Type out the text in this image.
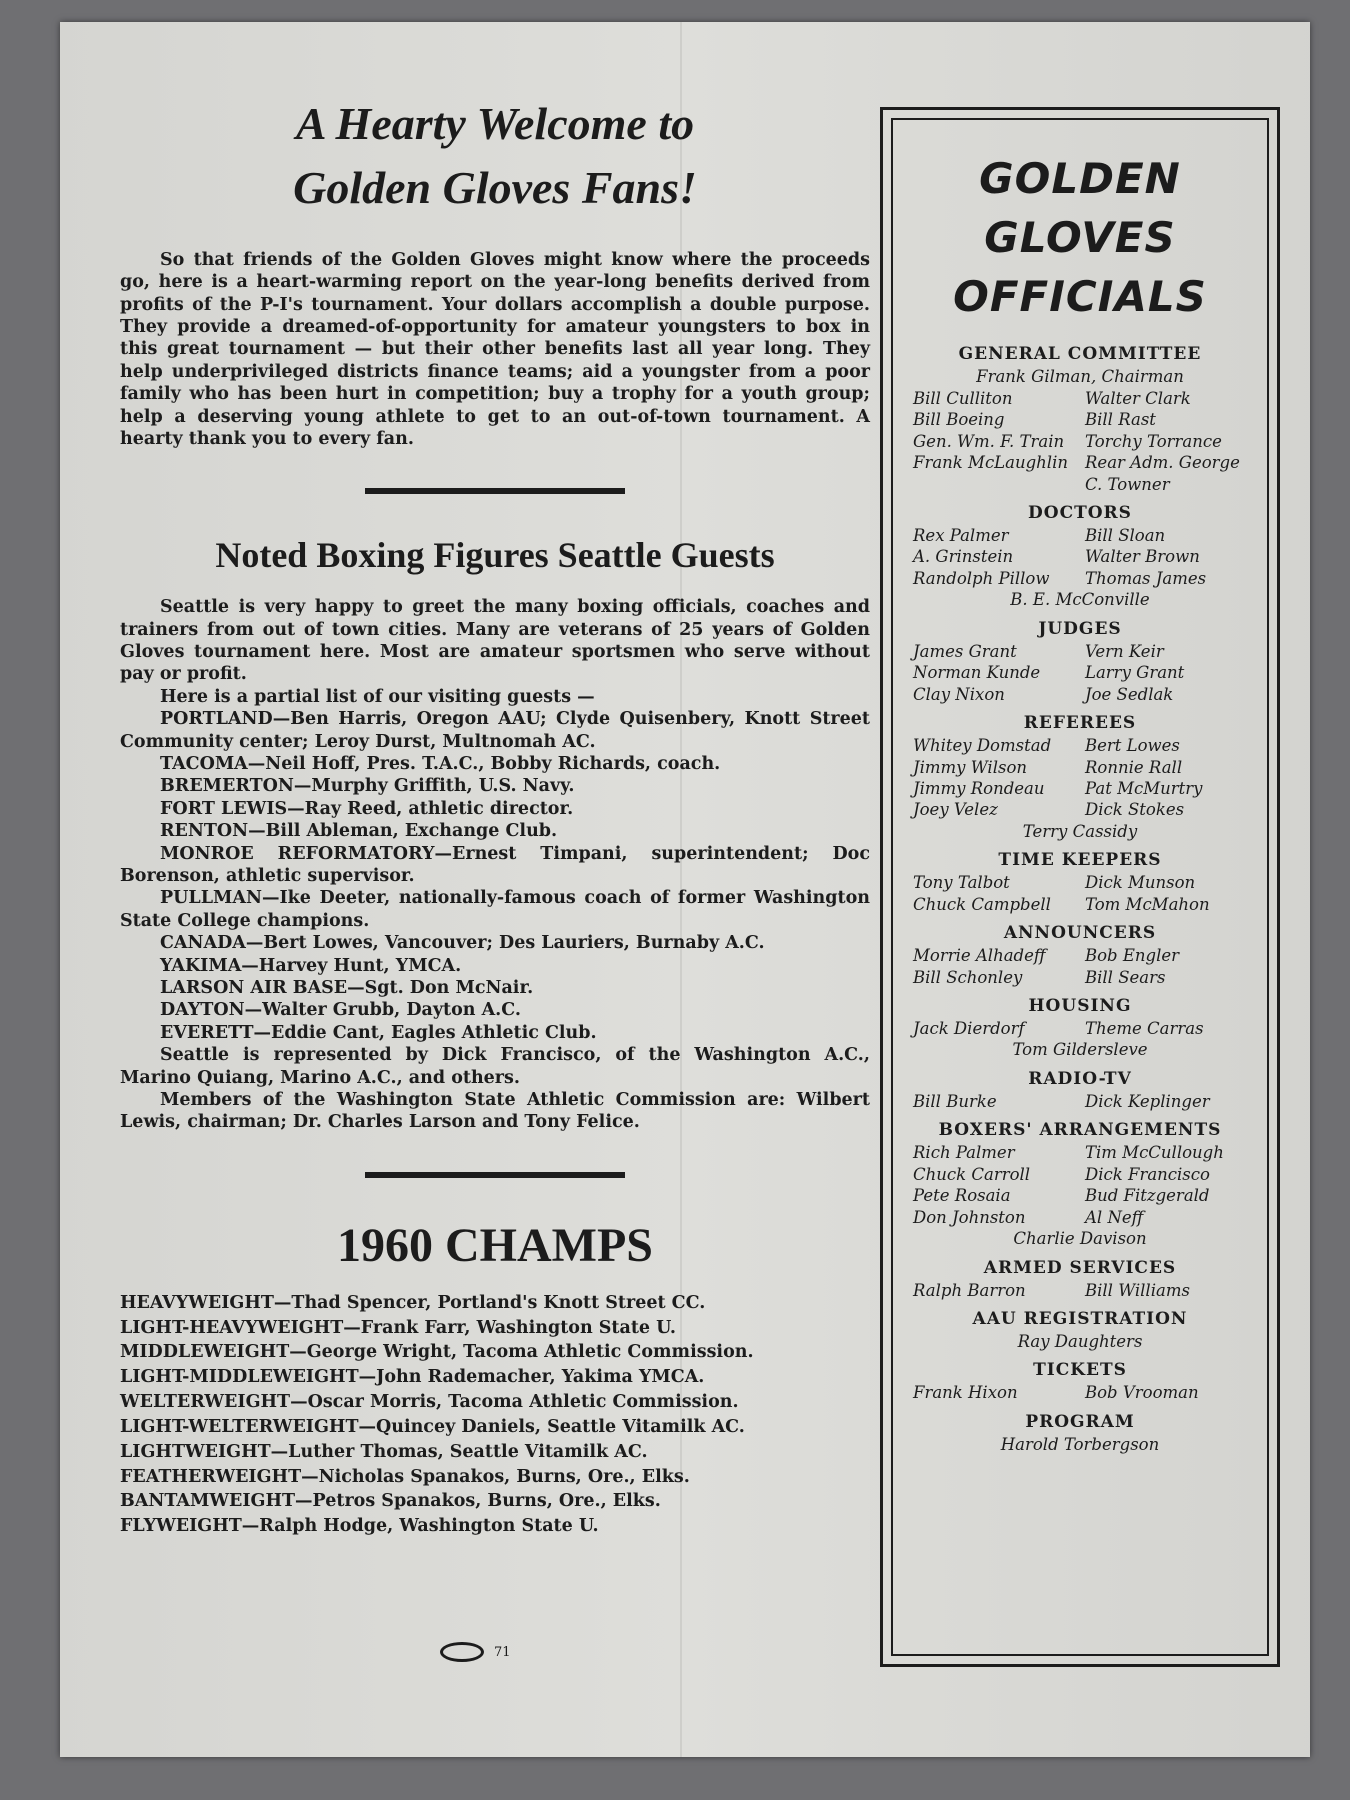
A Hearty Welcome to
Golden Gloves Fans!

So that friends of the Golden Gloves might know where the proceeds go, here is a heart-warming report on the year-long benefits derived from profits of the P-I's tournament. Your dollars accomplish a double purpose. They provide a dreamed-of-opportunity for amateur youngsters to box in this great tournament — but their other benefits last all year long. They help underprivileged districts finance teams; aid a youngster from a poor family who has been hurt in competition; buy a trophy for a youth group; help a deserving young athlete to get to an out-of-town tournament. A hearty thank you to every fan.

Noted Boxing Figures Seattle Guests

Seattle is very happy to greet the many boxing officials, coaches and trainers from out of town cities. Many are veterans of 25 years of Golden Gloves tournament here. Most are amateur sportsmen who serve without pay or profit.

Here is a partial list of our visiting guests —

PORTLAND—Ben Harris, Oregon AAU; Clyde Quisenbery, Knott Street Community center; Leroy Durst, Multnomah AC.

TACOMA—Neil Hoff, Pres. T.A.C., Bobby Richards, coach.

BREMERTON—Murphy Griffith, U.S. Navy.

FORT LEWIS—Ray Reed, athletic director.

RENTON—Bill Ableman, Exchange Club.

MONROE REFORMATORY—Ernest Timpani, superintendent; Doc Borenson, athletic supervisor.

PULLMAN—Ike Deeter, nationally-famous coach of former Washington State College champions.

CANADA—Bert Lowes, Vancouver; Des Lauriers, Burnaby A.C.

YAKIMA—Harvey Hunt, YMCA.

LARSON AIR BASE—Sgt. Don McNair.

DAYTON—Walter Grubb, Dayton A.C.

EVERETT—Eddie Cant, Eagles Athletic Club.

Seattle is represented by Dick Francisco, of the Washington A.C., Marino Quiang, Marino A.C., and others.

Members of the Washington State Athletic Commission are: Wilbert Lewis, chairman; Dr. Charles Larson and Tony Felice.

1960 CHAMPS
HEAVYWEIGHT—Thad Spencer, Portland's Knott Street CC.
LIGHT-HEAVYWEIGHT—Frank Farr, Washington State U.
MIDDLEWEIGHT—George Wright, Tacoma Athletic Commission.
LIGHT-MIDDLEWEIGHT—John Rademacher, Yakima YMCA.
WELTERWEIGHT—Oscar Morris, Tacoma Athletic Commission.
LIGHT-WELTERWEIGHT—Quincey Daniels, Seattle Vitamilk AC.
LIGHTWEIGHT—Luther Thomas, Seattle Vitamilk AC.
FEATHERWEIGHT—Nicholas Spanakos, Burns, Ore., Elks.
BANTAMWEIGHT—Petros Spanakos, Burns, Ore., Elks.
FLYWEIGHT—Ralph Hodge, Washington State U.
71
GOLDEN
GLOVES
OFFICIALS
GENERAL COMMITTEE
Frank Gilman, Chairman
Bill Culliton	Walter Clark
Bill Boeing	Bill Rast
Gen. Wm. F. Train	Torchy Torrance
Frank McLaughlin	Rear Adm. George C. Towner
DOCTORS
Rex Palmer	Bill Sloan
A. Grinstein	Walter Brown
Randolph Pillow	Thomas James
B. E. McConville
JUDGES
James Grant	Vern Keir
Norman Kunde	Larry Grant
Clay Nixon	Joe Sedlak
REFEREES
Whitey Domstad	Bert Lowes
Jimmy Wilson	Ronnie Rall
Jimmy Rondeau	Pat McMurtry
Joey Velez	Dick Stokes
Terry Cassidy
TIME KEEPERS
Tony Talbot	Dick Munson
Chuck Campbell	Tom McMahon
ANNOUNCERS
Morrie Alhadeff	Bob Engler
Bill Schonley	Bill Sears
HOUSING
Jack Dierdorf	Theme Carras
Tom Gildersleve
RADIO-TV
Bill Burke	Dick Keplinger
BOXERS' ARRANGEMENTS
Rich Palmer	Tim McCullough
Chuck Carroll	Dick Francisco
Pete Rosaia	Bud Fitzgerald
Don Johnston	Al Neff
Charlie Davison
ARMED SERVICES
Ralph Barron	Bill Williams
AAU REGISTRATION
Ray Daughters
TICKETS
Frank Hixon	Bob Vrooman
PROGRAM
Harold Torbergson
